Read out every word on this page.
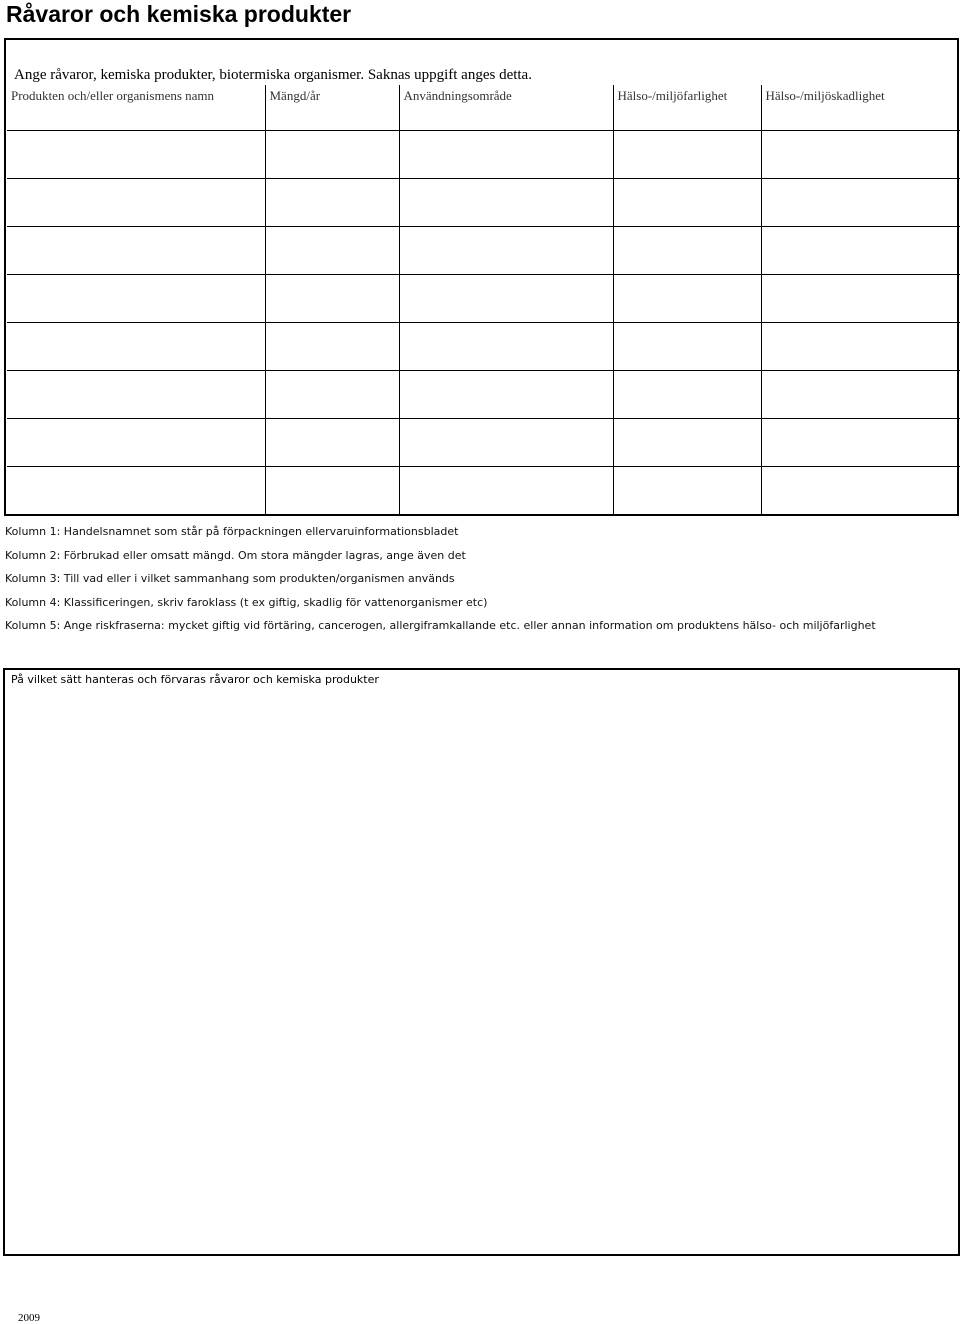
Råvaror och kemiska produkter
Ange råvaror, kemiska produkter, biotermiska organismer. Saknas uppgift anges detta.
Produkten och/eller organismens namn	Mängd/år	Användningsområde	Hälso-/miljöfarlighet	Hälso-/miljöskadlighet

Kolumn 1: Handelsnamnet som står på förpackningen ellervaruinformationsbladet
Kolumn 2: Förbrukad eller omsatt mängd. Om stora mängder lagras, ange även det
Kolumn 3: Till vad eller i vilket sammanhang som produkten/organismen används
Kolumn 4: Klassificeringen, skriv faroklass (t ex giftig, skadlig för vattenorganismer etc)
Kolumn 5: Ange riskfraserna: mycket giftig vid förtäring, cancerogen, allergiframkallande etc. eller annan information om produktens hälso- och miljöfarlighet
På vilket sätt hanteras och förvaras råvaror och kemiska produkter
2009
